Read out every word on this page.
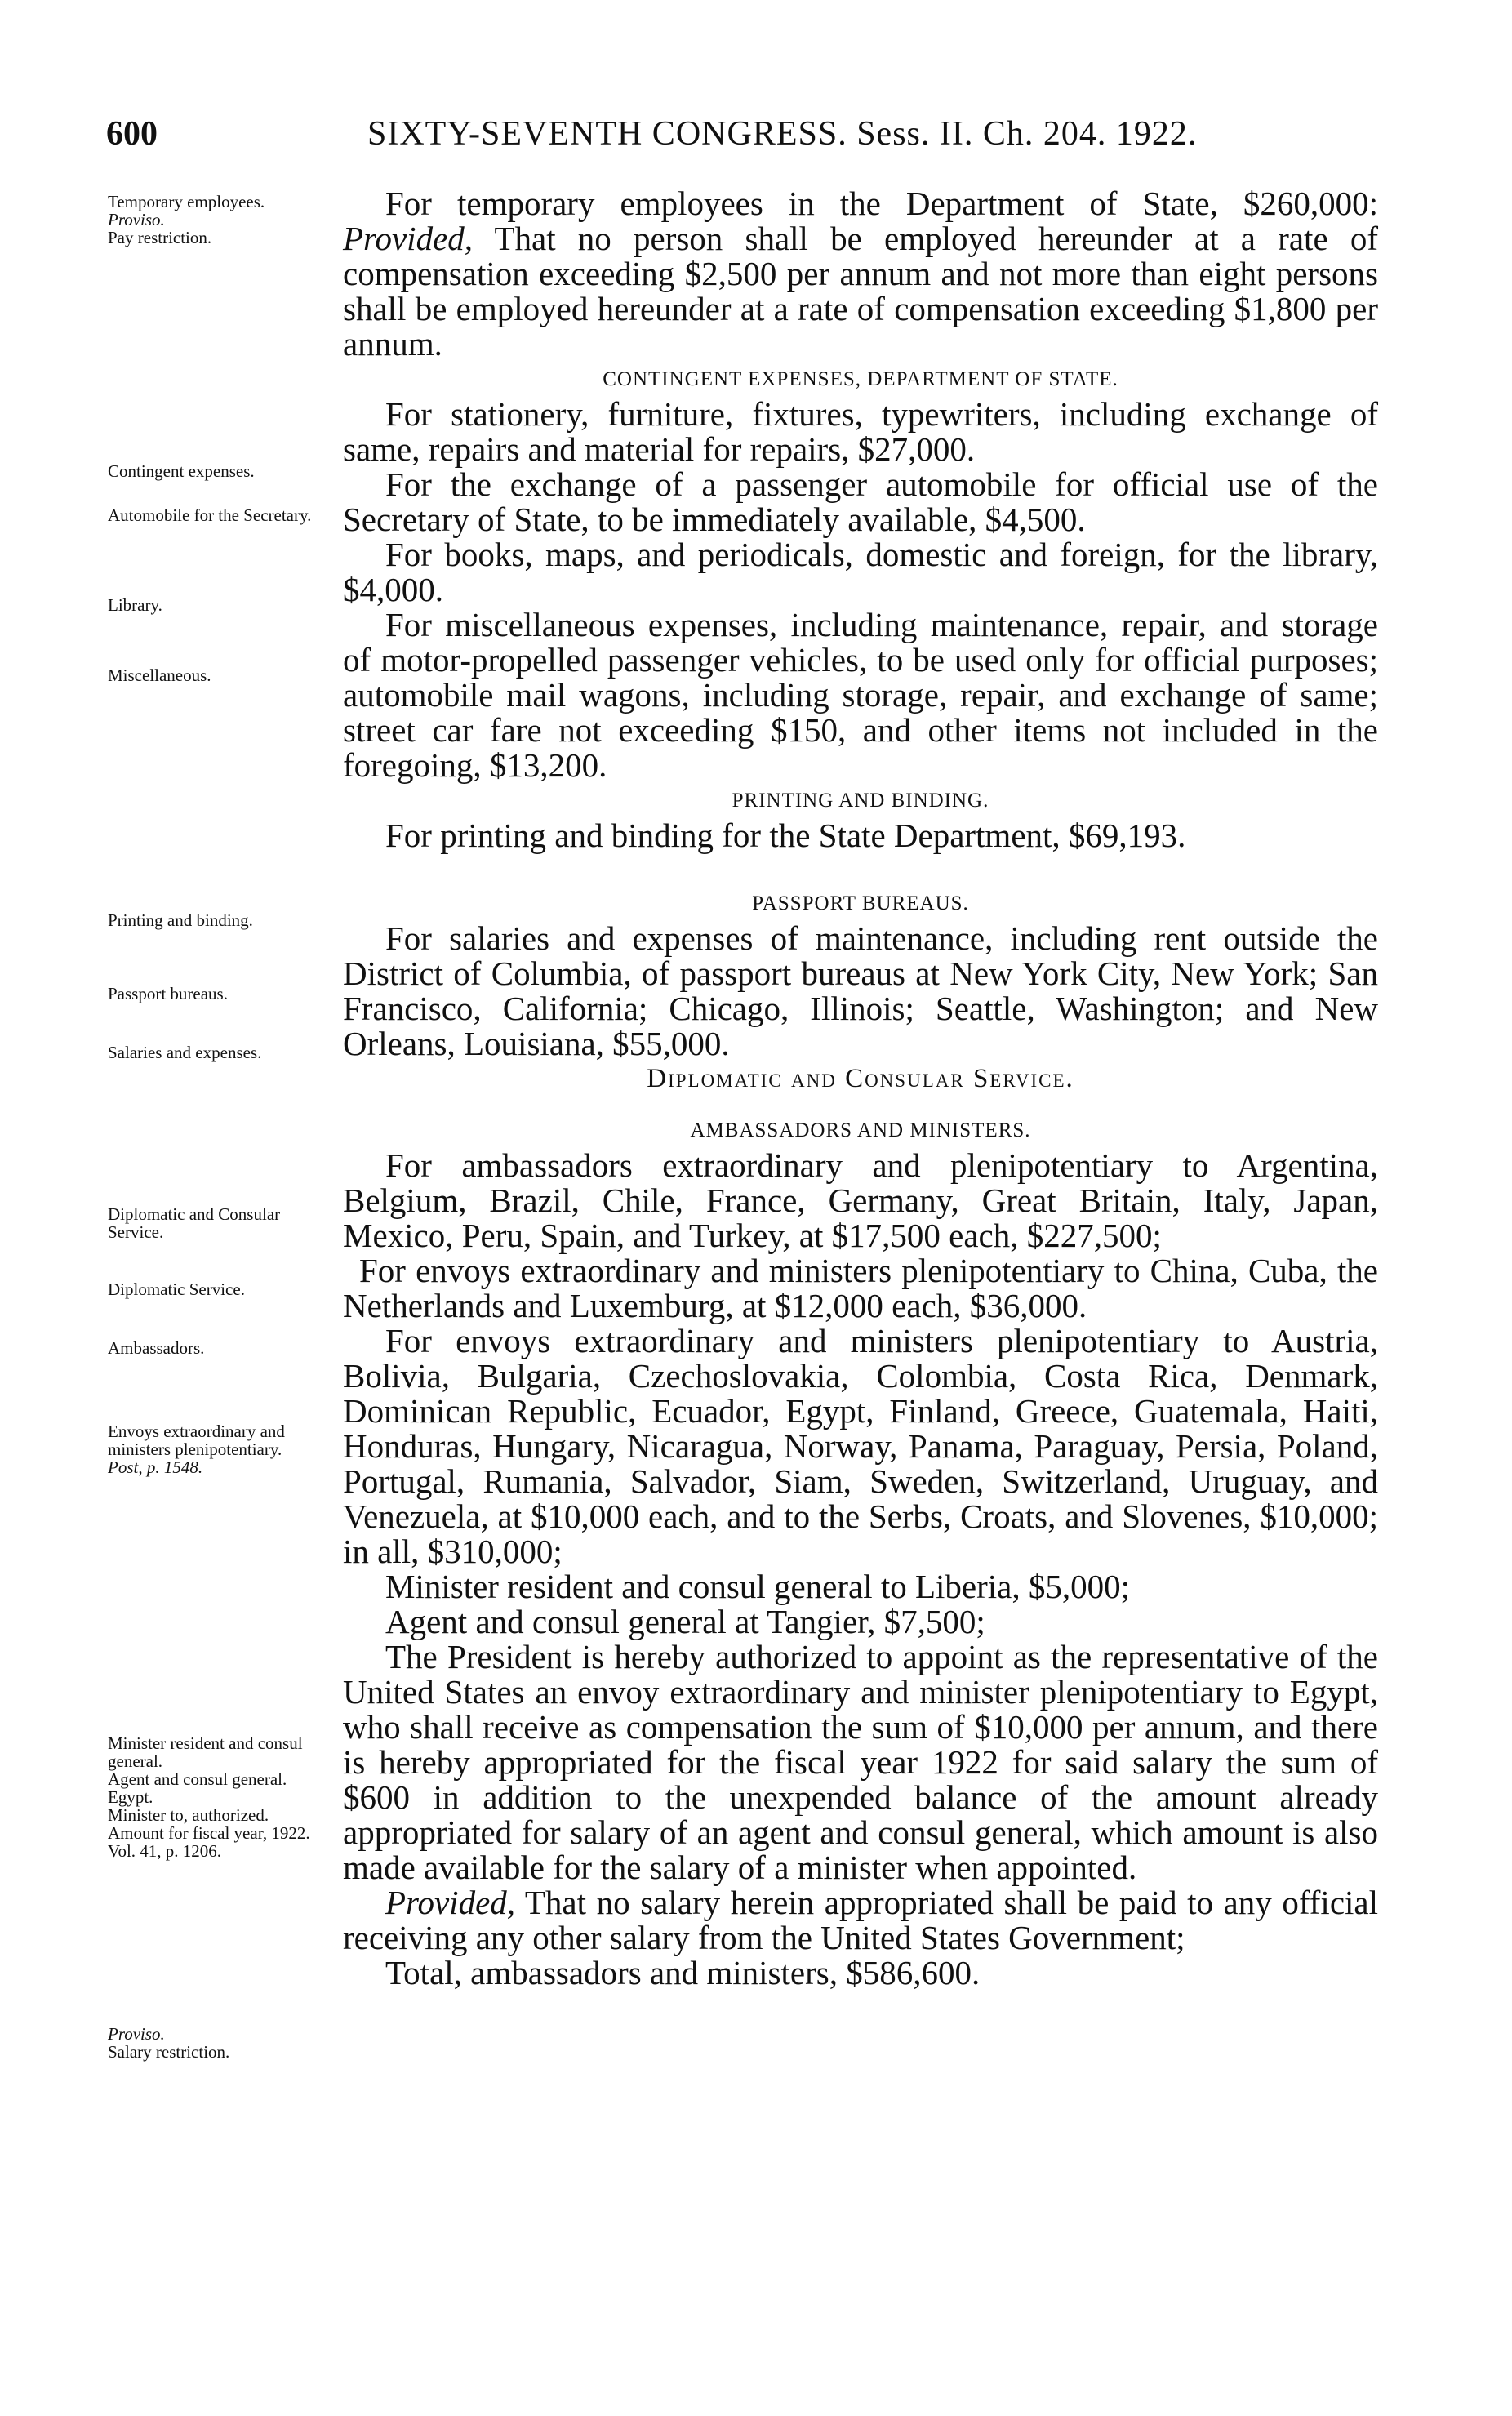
600	SIXTY-SEVENTH CONGRESS. Sess. II. Ch. 204. 1922.
Temporary employees.
Proviso.
Pay restriction.
Contingent expenses.
Automobile for the Secretary.
Library.
Miscellaneous.
Printing and binding.
Passport bureaus.
Salaries and expenses.
Diplomatic and Consular Service.
Diplomatic Service.
Ambassadors.
Envoys extraordinary and ministers plenipotentiary.
Post, p. 1548.
Minister resident and consul general.
Agent and consul general.
Egypt.
Minister to, authorized.
Amount for fiscal year, 1922.
Vol. 41, p. 1206.
Proviso.
Salary restriction.

For temporary employees in the Department of State, $260,000: Provided, That no person shall be employed hereunder at a rate of compensation exceeding $2,500 per annum and not more than eight persons shall be employed hereunder at a rate of compensation exceeding $1,800 per annum.

CONTINGENT EXPENSES, DEPARTMENT OF STATE.

For stationery, furniture, fixtures, typewriters, including exchange of same, repairs and material for repairs, $27,000.

For the exchange of a passenger automobile for official use of the Secretary of State, to be immediately available, $4,500.

For books, maps, and periodicals, domestic and foreign, for the library, $4,000.

For miscellaneous expenses, including maintenance, repair, and storage of motor-propelled passenger vehicles, to be used only for official purposes; automobile mail wagons, including storage, repair, and exchange of same; street car fare not exceeding $150, and other items not included in the foregoing, $13,200.

PRINTING AND BINDING.

For printing and binding for the State Department, $69,193.

PASSPORT BUREAUS.

For salaries and expenses of maintenance, including rent outside the District of Columbia, of passport bureaus at New York City, New York; San Francisco, California; Chicago, Illinois; Seattle, Washington; and New Orleans, Louisiana, $55,000.

Diplomatic and Consular Service.
AMBASSADORS AND MINISTERS.

For ambassadors extraordinary and plenipotentiary to Argentina, Belgium, Brazil, Chile, France, Germany, Great Britain, Italy, Japan, Mexico, Peru, Spain, and Turkey, at $17,500 each, $227,500;

For envoys extraordinary and ministers plenipotentiary to China, Cuba, the Netherlands and Luxemburg, at $12,000 each, $36,000.

For envoys extraordinary and ministers plenipotentiary to Austria, Bolivia, Bulgaria, Czechoslovakia, Colombia, Costa Rica, Denmark, Dominican Republic, Ecuador, Egypt, Finland, Greece, Guatemala, Haiti, Honduras, Hungary, Nicaragua, Norway, Panama, Paraguay, Persia, Poland, Portugal, Rumania, Salvador, Siam, Sweden, Switzerland, Uruguay, and Venezuela, at $10,000 each, and to the Serbs, Croats, and Slovenes, $10,000; in all, $310,000;

Minister resident and consul general to Liberia, $5,000;

Agent and consul general at Tangier, $7,500;

The President is hereby authorized to appoint as the representative of the United States an envoy extraordinary and minister plenipotentiary to Egypt, who shall receive as compensation the sum of $10,000 per annum, and there is hereby appropriated for the fiscal year 1922 for said salary the sum of $600 in addition to the unexpended balance of the amount already appropriated for salary of an agent and consul general, which amount is also made available for the salary of a minister when appointed.

Provided, That no salary herein appropriated shall be paid to any official receiving any other salary from the United States Government;

Total, ambassadors and ministers, $586,600.
